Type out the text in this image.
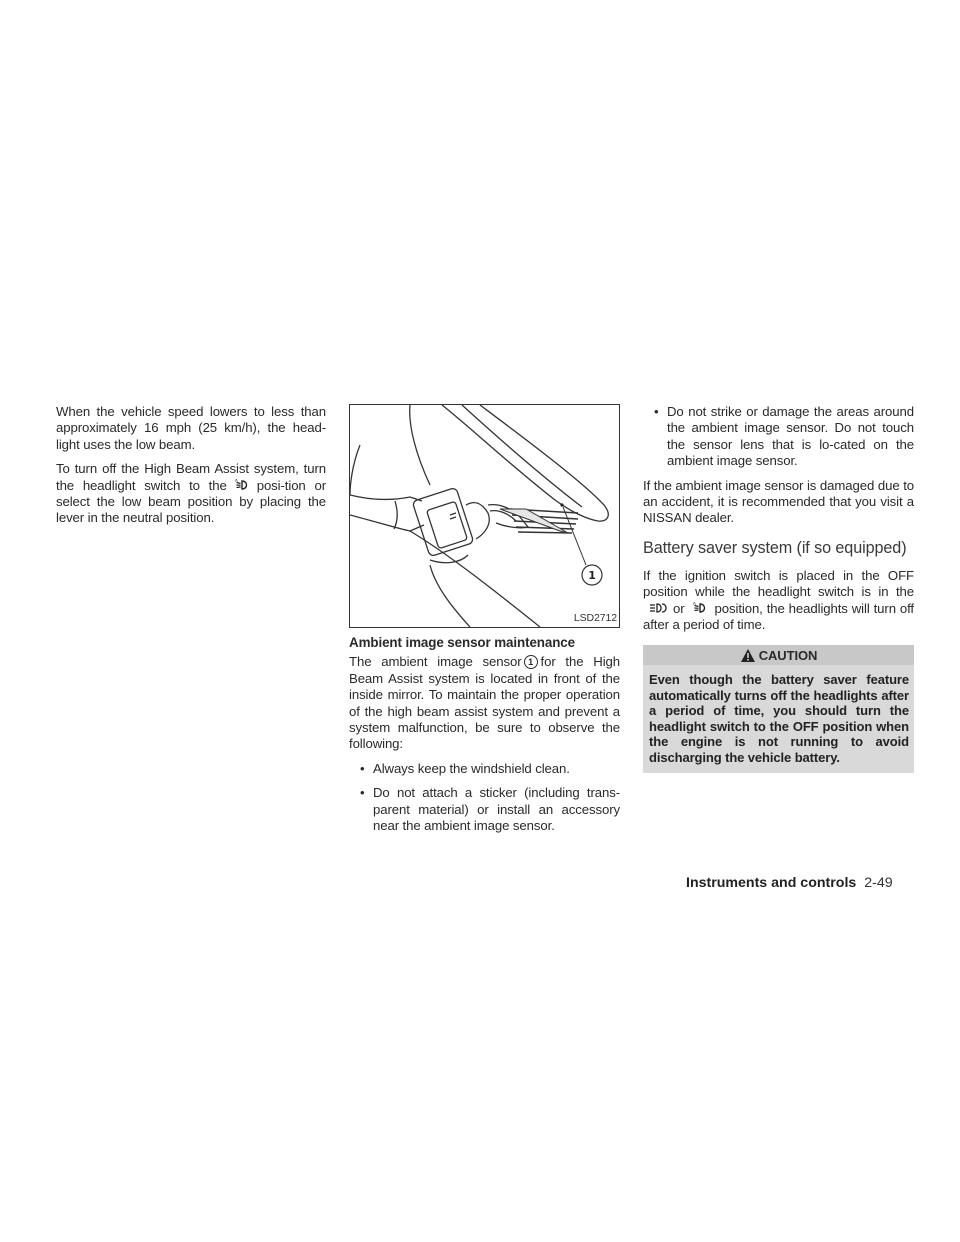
When the vehicle speed lowers to less than approximately 16 mph (25 km/h), the head-light uses the low beam.

To turn off the High Beam Assist system, turn the headlight switch to the A posi-tion or select the low beam position by placing the lever in the neutral position.

1
LSD2712
Ambient image sensor maintenance

The ambient image sensor 1 for the High Beam Assist system is located in front of the inside mirror. To maintain the proper operation of the high beam assist system and prevent a system malfunction, be sure to observe the following:

• Always keep the windshield clean.
• Do not attach a sticker (including trans-parent material) or install an accessory near the ambient image sensor.
• Do not strike or damage the areas around the ambient image sensor. Do not touch the sensor lens that is lo-cated on the ambient image sensor.

If the ambient image sensor is damaged due to an accident, it is recommended that you visit a NISSAN dealer.

Battery saver system (if so equipped)

If the ignition switch is placed in the OFF position while the headlight switch is in theor A position, the headlights will turn off after a period of time.

CAUTION
Even though the battery saver feature automatically turns off the headlights after a period of time, you should turn the headlight switch to the OFF position when the engine is not running to avoid discharging the vehicle battery.
Instruments and controls 2-49
